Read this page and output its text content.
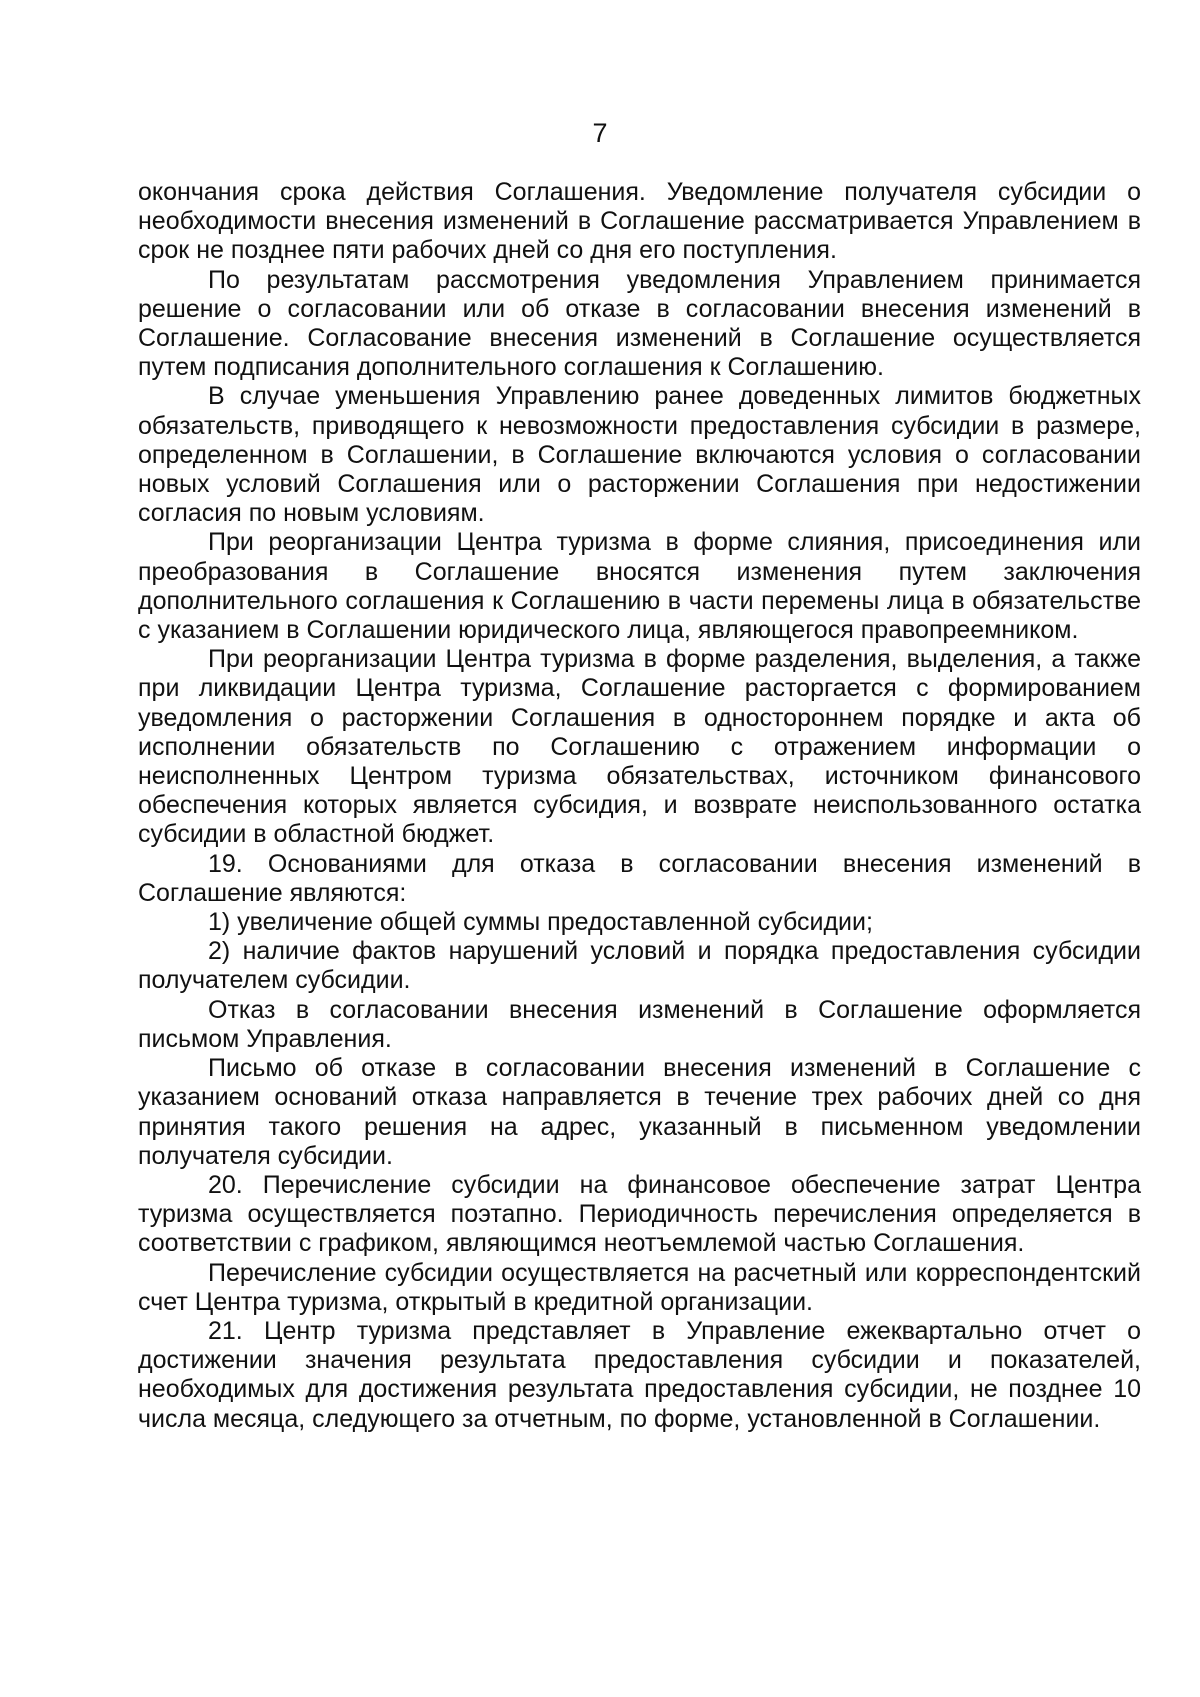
7

окончания срока действия Соглашения. Уведомление получателя субсидии о необходимости внесения изменений в Соглашение рассматривается Управлением в срок не позднее пяти рабочих дней со дня его поступления.

По результатам рассмотрения уведомления Управлением принимается решение о согласовании или об отказе в согласовании внесения изменений в Соглашение. Согласование внесения изменений в Соглашение осуществляется путем подписания дополнительного соглашения к Соглашению.

В случае уменьшения Управлению ранее доведенных лимитов бюджетных обязательств, приводящего к невозможности предоставления субсидии в размере, определенном в Соглашении, в Соглашение включаются условия о согласовании новых условий Соглашения или о расторжении Соглашения при недостижении согласия по новым условиям.

При реорганизации Центра туризма в форме слияния, присоединения или преобразования в Соглашение вносятся изменения путем заключения дополнительного соглашения к Соглашению в части перемены лица в обязательстве с указанием в Соглашении юридического лица, являющегося правопреемником.

При реорганизации Центра туризма в форме разделения, выделения, а также при ликвидации Центра туризма, Соглашение расторгается с формированием уведомления о расторжении Соглашения в одностороннем порядке и акта об исполнении обязательств по Соглашению с отражением информации о неисполненных Центром туризма обязательствах, источником финансового обеспечения которых является субсидия, и возврате неиспользованного остатка субсидии в областной бюджет.

19. Основаниями для отказа в согласовании внесения изменений в Соглашение являются:

1) увеличение общей суммы предоставленной субсидии;

2) наличие фактов нарушений условий и порядка предоставления субсидии получателем субсидии.

Отказ в согласовании внесения изменений в Соглашение оформляется письмом Управления.

Письмо об отказе в согласовании внесения изменений в Соглашение с указанием оснований отказа направляется в течение трех рабочих дней со дня принятия такого решения на адрес, указанный в письменном уведомлении получателя субсидии.

20. Перечисление субсидии на финансовое обеспечение затрат Центра туризма осуществляется поэтапно. Периодичность перечисления определяется в соответствии с графиком, являющимся неотъемлемой частью Соглашения.

Перечисление субсидии осуществляется на расчетный или корреспондентский счет Центра туризма, открытый в кредитной организации.

21. Центр туризма представляет в Управление ежеквартально отчет о достижении значения результата предоставления субсидии и показателей, необходимых для достижения результата предоставления субсидии, не позднее 10 числа месяца, следующего за отчетным, по форме, установленной в Соглашении.
